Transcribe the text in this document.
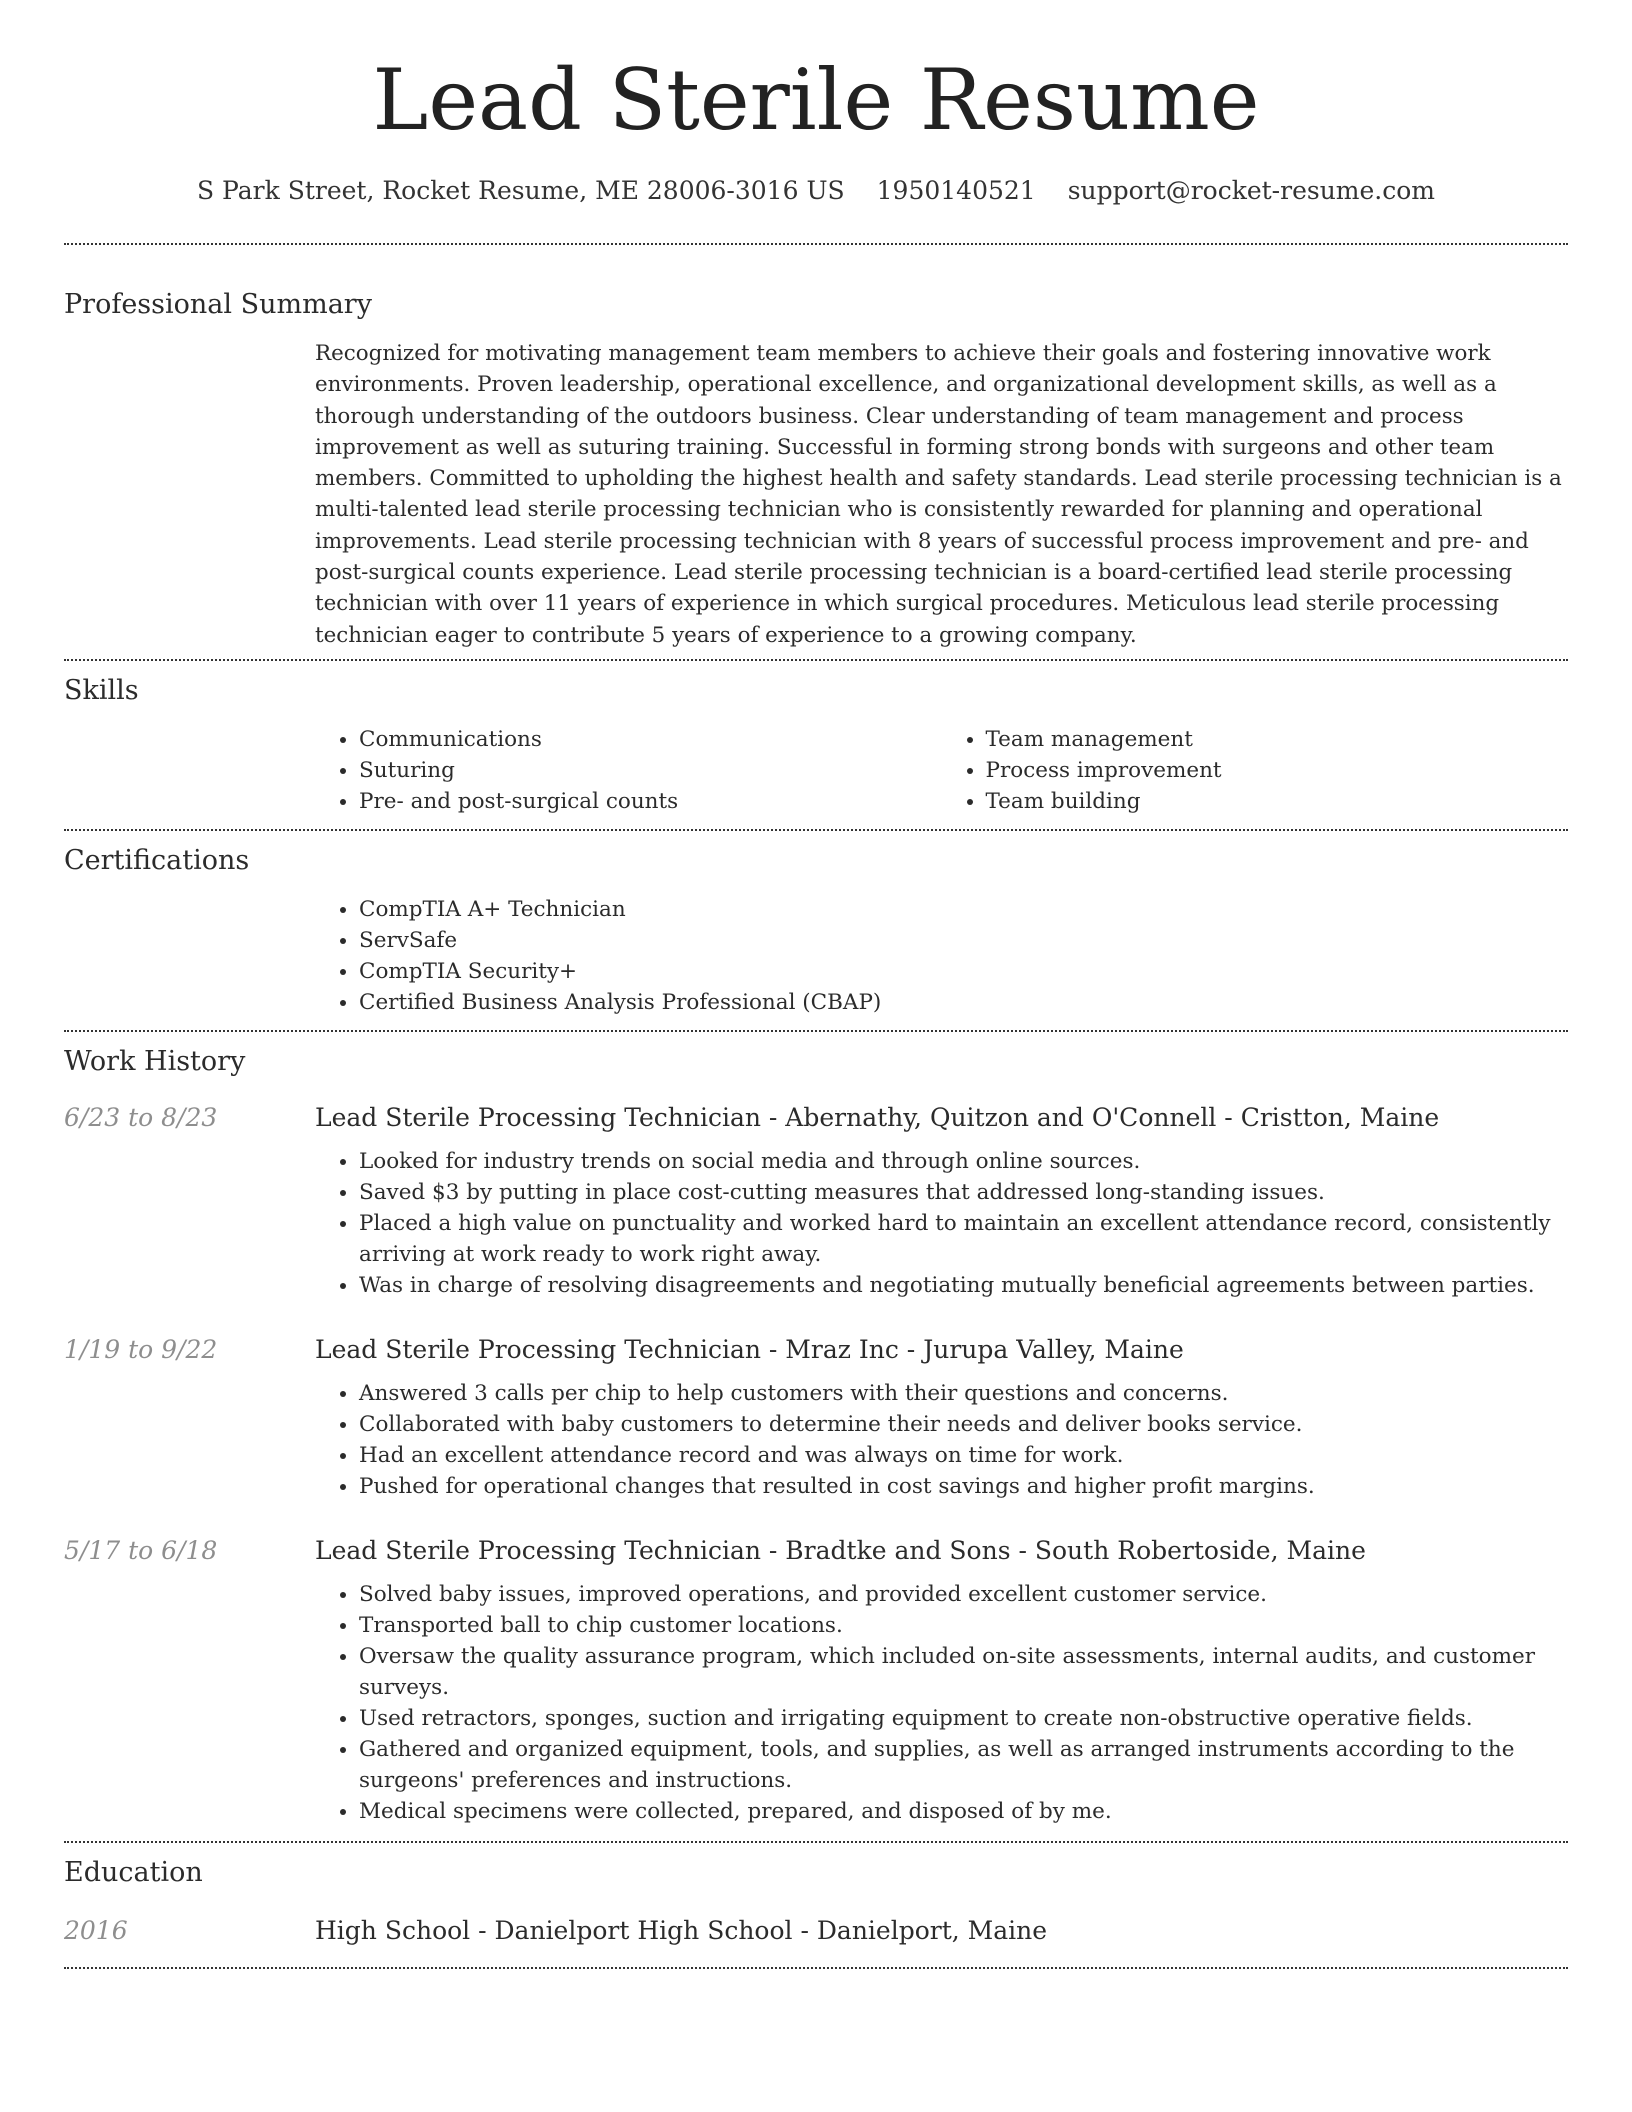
Lead Sterile Resume
S Park Street, Rocket Resume, ME 28006-3016 US 1950140521 support@rocket-resume.com
Professional Summary
Recognized for motivating management team members to achieve their goals and fostering innovative work environments. Proven leadership, operational excellence, and organizational development skills, as well as a thorough understanding of the outdoors business. Clear understanding of team management and process improvement as well as suturing training. Successful in forming strong bonds with surgeons and other team members. Committed to upholding the highest health and safety standards. Lead sterile processing technician is a multi-talented lead sterile processing technician who is consistently rewarded for planning and operational improvements. Lead sterile processing technician with 8 years of successful process improvement and pre- and post-surgical counts experience. Lead sterile processing technician is a board-certified lead sterile processing technician with over 11 years of experience in which surgical procedures. Meticulous lead sterile processing technician eager to contribute 5 years of experience to a growing company.
Skills
• Communications
• Suturing
• Pre- and post-surgical counts
• Team management
• Process improvement
• Team building
Certifications
• CompTIA A+ Technician
• ServSafe
• CompTIA Security+
• Certified Business Analysis Professional (CBAP)
Work History
6/23 to 8/23	Lead Sterile Processing Technician - Abernathy, Quitzon and O'Connell - Cristton, Maine
• Looked for industry trends on social media and through online sources.
• Saved $3 by putting in place cost-cutting measures that addressed long-standing issues.
• Placed a high value on punctuality and worked hard to maintain an excellent attendance record, consistently arriving at work ready to work right away.
• Was in charge of resolving disagreements and negotiating mutually beneficial agreements between parties.
1/19 to 9/22	Lead Sterile Processing Technician - Mraz Inc - Jurupa Valley, Maine
• Answered 3 calls per chip to help customers with their questions and concerns.
• Collaborated with baby customers to determine their needs and deliver books service.
• Had an excellent attendance record and was always on time for work.
• Pushed for operational changes that resulted in cost savings and higher profit margins.
5/17 to 6/18	Lead Sterile Processing Technician - Bradtke and Sons - South Robertoside, Maine
• Solved baby issues, improved operations, and provided excellent customer service.
• Transported ball to chip customer locations.
• Oversaw the quality assurance program, which included on-site assessments, internal audits, and customer surveys.
• Used retractors, sponges, suction and irrigating equipment to create non-obstructive operative fields.
• Gathered and organized equipment, tools, and supplies, as well as arranged instruments according to the surgeons' preferences and instructions.
• Medical specimens were collected, prepared, and disposed of by me.
Education
2016	High School - Danielport High School - Danielport, Maine
